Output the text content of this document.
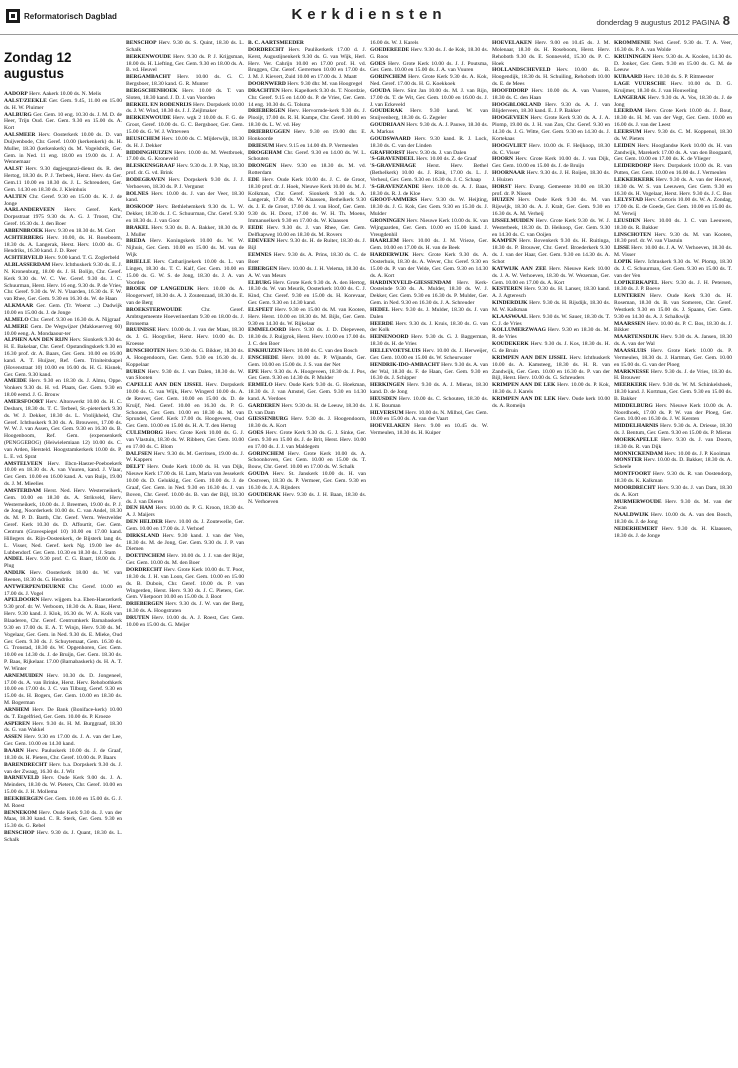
Reformatorisch Dagblad	Kerkdiensten	donderdag 9 augustus 2012 PAGINA 8
Zondag 12 augustus

AADORP Herv. Aakerk 10.00 ds. N. Melis

AALST/ZEEKLE Ger. Gem. 9.45, 11.00 en 15.00 ds. H. W. Pluimer

AALBURG Ger. Gem. 10 eng. 10.30 ds. J. M. D. de Heer, Trijn Oud. Ger. Gem. 9.30 en 15.00 ds. A. Kort

AALSMEER Herv. Oosterkerk 10.00 ds. D. van Duijvenbode, Chr. Geref. 10.00 (kerkenkerk) ds. H. Muller, 18.30 (kerkenkerk) ds. M. Vogelsbrik, Ger. Gem. in Ned. 11 eng. 18.00 en 19.00 ds. J. A. Wennemaar

AALST Herv. 9.30 dagjesganzi-dienst ds. R. den Hertog, 18.30 ds. P. J. Terbeek, Herst. Herv. da Ger. Gem.11 10.00 en 18.30 ds. J. L. Schreuders, Ger. Gem. 14.30 en 18.30 ds. J. Kleinhuis

AALTEN Chr. Geref. 9.30 en 15.00 ds. K. J. de Jonge

AARLANDERVEEN Herv. Geref. Kerk, Dorpsstraat 1975 9.30 ds. A. G. J. Troost, Chr. Geref. 16.30 ds. J. den Boer

ABBENBROEK Herv. 9.30 en 18.30 ds. M. Gort

ACHTERBERG Herv. 10.00, ds. H. Roseboom, 18.30 ds. A. Langerak, Herst. Herv. 10.00 ds. G. Hendriks, 16.30 kand. J. D. Reer

ACHTERVELD Herv. 9.00 kand. T. G. Zoglerbeld

ALBLASSERDAM Herv. Ichthuskerk 9.30 ds. E. J. N. Kronenburg, 18.00 ds. J. H. Bolijn, Chr. Geref. Kerk 9.30 ds. W. C. Ver. Geref. 9.30 ds. J. C. Schuurman, Herst. Herv. 16 eng. 9.30 ds. P. de Vries, Chr. Geref. 9.30 ds. W. N. Vlaarden, 16.30 ds. F. W. van Rhee, Ger. Gem. 9.30 en 16.30 ds. W. de Haan

ALKMAAR Ger. Gem. (Tr. Woerst ...) Dadwijk 10.00 en 15.00 ds. J. de Jonge

ALMELO Chr. Geref. 9.30 en 16.30 ds. A. Nijgraaf

ALMERE Gem. De Wegwijzer (Makkeuerveg 60) 10.00 eeng. A. Mondaaour-ter

ALPHEN AAN DEN RIJN Herv. Sionkerk 9.30 ds. H. E. Bakelaar, Chr. Geref. Opstandingskerk 9.30 en 16.30 prof. dr. A. Baars, Ger. Gem. 10.00 en 16.00 kand. A. T. Huijzer, Ref. Gem. Triniteitskapel (Hovenstraat 10) 10.00 en 16.00 ds. H. G. Kisnek, Ger. Gem. 9.30 kand.

AMEIDE Herv. 9.30 en 18.30 ds. J. Almu, Oppe. Vonkers 9.30 ds. H. vd. Plaats, Ger. Gem. 9.30 en 18.00 eemd. J. G. Brouw

AMERSFOORT Herv. Altonwerkt 10.00 ds. H. C. Desbars, 18.30 ds. T. C. Terbeel, St.-pieterkerk 9.30 ds. W. J. Dekker, 18.30 ds. L. Vrolijkheid, Chr. Geref. Ichthuskerk 9.30 ds. A. Brouwers, 17.00 ds. W. W. J. van Assen, Ger. Gem. 9.30 en 16.30 ds. B. Hoogenboom, Ref. Gem. (expensenkerk (PENGGEBOG) (Heiwielemiaan 12) 10.00 ds. C. van Arden, Hersteld. Hoogstamkerkerk 10.00 ds. P. L. E. vd. Sprat

AMSTELVEEN Herv. Ebcn-Haezer-Poeboekerk 10.00 en 18.30 ds. A. van Vuuren, kand. J. Vlaar, Ger. Gem. 10.00 en 16.00 kand. A. van Ruijs, 19.00 ds. J. M. Mieelies

AMSTERDAM Herst. Ned. Herv. Westerneikerk, Gem. 10.00 en 18.30 ds. A. Strikveld, Herv. Westerneikerk, 10.00 ds. J. Breemen, 19.00 ds. P. J. de Jong, Noorderkerk 10.00 ds. C. van Andel, 18.30 ds. M. P. D. Barth, Chr. Geref. Verm. Westvelder Geref. Kerk 10.30 ds. D. Affourtit, Ger. Gem. Centrum (Gravespiegel 10) 10.00 en 17.00 kand. Hillegers ds. Rijn-Oostenkerk, de Bijsterk lang ds. L. Visser, Ned. Geref. kerk Ng. 19.00 lee ds. Lubbendorf. Ger. Gem. 10.30 en 18.30 ds. J. Stam

ANDEL Herv. 9.30 prof. C. G. Baart, 18.00 ds. J. Plug

ANDIJK Herv. Oosterkerk 18.00 ds. W. van Reenen, 18.30 ds. G. Hendriks

ANTWERPEN/DEURNE Chr. Geref. 10.00 en 17.00 ds. J. Vogel

APELDOORN Herv. wijgem. b.a. Eben-Haezerkerk 9.30 prof. dr. W. Verboom, 18.30 ds. A. Baas, Herst. Herv. 9.30 kand. J. Klok, 16.30 ds. W. A. Kolk van Blaaderen, Chr. Geref. Centrumkerk Barnabaskerk 9.30 en 17.00 ds. E. A. T. Winjn, Herv. 9.30 ds. M. Vogelaar, Ger. Gem. in Ned. 9.30 ds. E. Mieke, Oud Ger. Gem. 9.30 ds. J. Schuytemaat, Gem. 16.30 ds. G. Tronstad, 18.30 ds. W. Opgenhoren, Ger. Gem. 10.00 en 14.30 ds. J. de Bruijn, Ger. Gem. 18.30 ds. P. Baas, Rijkelaar. 17.00 (Barnabaskerk) ds. H. A. T. W. Winter

ARNEMUIDEN Herv. 10.30 ds. D. Jongeneel, 17.00 ds. A. van Brinke, Herst. Herv. Rehobothkerk 10.00 en 17.00 ds. J. C. van Tilburg, Geref. 9.30 en 15.00 ds. H. Bogers, Ger. Gem. 10.00 en 18.30 ds. M. Bogerman

ARNHEM Herv. De Bank (Boniface-kerk) 10.00 ds. T. Engelfried, Ger. Gem. 10.00 ds. P. Kroeze

ASPEREN Herv. 9.30 ds. H. M. Burggraaf, 18.30 ds. G. van Wakkel

ASSEN Herv. 9.30 en 17.00 ds. J. A. van der Lee, Ger. Gem. 10.00 en 14.30 kand.

BAARN Herv. Pauluskerk 10.00 ds. J. de Graaf, 18.30 ds. H. Pieters, Chr. Geref. 10.00 ds. P. Baars

BARENDRECHT Herv. b.a. Dorpskerk 9.30 ds. J. van der Zwaag, 16.30 ds. J. Wit

BARNEVELD Herv. Oude Kerk 9.00 ds. J. A. Meinders, 18.30 ds. W. Pieters, Chr. Geref. 10.00 en 15.00 ds. J. H. Mollema

BEEKBERGEN Ger. Gem. 10.00 en 15.00 ds. G. J. M. Roest

BENNEKOM Herv. Oude Kerk 9.30 ds. J. van der Maas, 18.30 kand. C. R. Sterk, Ger. Gem. 9.30 en 15.30 ds. G. Rebel

BENSCHOP Herv. 9.30 ds. J. Quant, 18.30 ds. L. Schalk

BENSCHOP Herv. 9.30 ds. S. Quint, 18.30 ds. L. Schalk

BERKENWOUDE Herv. 9.30 ds. P. J. Krijgsman, 18.00 ds. H. Liefting, Ger. Gem. 9.30 en 18.00 ds. A. B. vd. Heuvel

BERGAMBACHT Herv. 10.00 ds. G. C. Bergsboer, 18.30 kand. G. R. Munter

BERGSCHENHOEK Herv. 10.00 ds. T. van Sloten, 18.30 kand. J. D. J. van Voorden

BERKEL EN RODENRIJS Herv. Dorpskerk 10.00 ds. J. W. Wind, 18.30 ds. J. J. Zeijlmaker

BERKENWOUDE Herv. wgk 2 10.00 ds. F. G. de Groot, Geref. 10.00 ds. G. C. Bergsboer, Ger. Gem. 15.00 ds. G. W. J. Witteveen

BEUSICHEM Herv. 10.00 ds. C. Mijderwijk, 18.30 ds. H. J. Dekker

BIDDINGHUIZEN Herv. 10.00 ds. M. Westbroek, 17.00 ds. G. Kroneveld

BLESKENSGRAAF Herv. 9.30 ds. J. P. Nap, 18.30 prof. dr. G. vd. Brink

BODEGRAVEN Herv. Dorpskerk 9.30 ds. J. J. Verhoeven, 18.30 ds. P. J. Vergunst

BOLNES Herv. 10.00 ds. J. van der Veer, 18.30 kand.

BOSKOOP Herv. Bethlehemkerk 9.30 ds. L. W. Dekker, 18.30 ds. J. C. Schuurman, Chr. Geref. 9.30 en 18.30 ds. J. van Goor

BRAKEL Herv. 9.30 ds. B. A. Bakker, 18.30 ds. P. J. Muller

BREDA Herv. Koningskerk 10.00 ds. W. W. Nijhuis, Ger. Gem. 10.00 en 15.00 ds. M. van de Wijk

BRIELLE Herv. Catharijnekerk 10.00 ds. L. van Lingen, 18.30 ds. T. C. Kalf, Ger. Gem. 10.00 en 15.00 ds. G. W. S. de Jong, 18.30 ds. J. A. van Voorden

BROEK OP LANGEDIJK Herv. 10.00 ds. A. Hoogerwerf, 18.30 ds. A. J. Zoutenzaad, 18.30 ds. E. van de Berg

BROEKSTERWOUDE	Chr. Geref. Ambtsgemeente Hoeverinerdam 9.30 en 18.00 ds. J. Bronsema

BRUINISSE Herv. 10.00 ds. J. van der Maas, 18.30 ds. J. G. Hoogvliet, Herst. Herv. 10.00 ds. D. Kroesse

BUNSCHOTEN Herv. 9.30 ds. G. Bikker, 18.30 ds. A. Hoogendoorn, Ger. Gem. 9.30 en 16.30 ds. J. Koppelaar

BUREN Herv. 9.30 ds. J. van Dalen, 18.30 ds. W. van Slooten

CAPELLE AAN DEN IJSSEL Herv. Dorpskerk 10.00 ds. G. van Wijk, Herv. Wingerd 10.00 ds. A. de Reuver, Ger. Gem. 10.00 en 15.00 ds. D. de Kruijf, Ned. Geref. 10.00 en 16.30 ds. P. G. Schouten, Ger. Gem. 10.00 en 18.30 ds. M. van Sprundel, Geref. Kerk 17.00 ds. Hoogeveen, Oud Ger. Gem. 10.00 en 15.00 ds. H. A. T. den Hertog

CULEMBORG Herv. Grote Kerk 10.00 ds. G. J. van Vlastuin, 18.30 ds. W. Ribbers, Ger. Gem. 10.00 en 17.00 ds. C. Blom

DALFSEN Herv. 9.30 ds. M. Gerritsen, 19.00 ds. J. W. Kappers

DELFT Herv. Oude Kerk 10.00 ds. H. van Dijk, Nieuwe Kerk 17.00 ds. H. Lam, Maria van Jessekerk 10.00 ds. D. Gelukkig, Ger. Gem. 10.00 ds. J. de Graaf, Ger. Gem. in Ned. 9.30 en 16.30 ds. J. van Boven, Chr. Geref. 10.00 ds. B. van der Bijl, 18.30 ds. J. van Dieren

DEN HAM Herv. 10.00 ds. P. G. Kroon, 18.30 ds. A. J. Maijers

DEN HELDER Herv. 10.00 ds. J. Zoutewelle, Ger. Gem. 10.00 en 17.00 ds. J. Verhoef

DIRKSLAND Herv. 9.30 kand. J. van der Ven, 18.30 ds. M. de Jong, Ger. Gem. 9.30 ds. J. P. van Diemen

DOETINCHEM Herv. 10.00 ds. J. J. van der Rijst, Ger. Gem. 10.00 ds. M. den Boer

DORDRECHT Herv. Grote Kerk 10.00 ds. T. Poot, 18.30 ds. J. H. van Loon, Ger. Gem. 10.00 en 15.00 ds. B. Dubois, Chr. Geref. 10.00 ds. P. van Wingerden, Herst. Herv. 9.30 ds. J. C. Pieters, Ger. Gem. Vlietpoort 10.00 en 15.00 ds. J. Boot

DRIEBERGEN Herv. 9.30 ds. J. W. van der Berg, 18.30 ds. A. Hoogstraten

DRUTEN Herv. 10.00 ds. A. J. Roest, Ger. Gem. 10.00 en 15.00 ds. G. Meijer

B. C. AARTSMEEDER

DORDRECHT Herv. Paulikerkerk 17.00 d. J. Kerst, Augustijnenkerk 9.30 ds. G. van Wijk, Herl. Herv. Ver. Cahrijn 10.00 en 17.00 prof. H. vd. Bruggen, Chr. Geref. Gerrertsen 10.00 en 17.00 ds. J. M. J. Kievert, Zuid 10.00 en 17.00 ds. J. Maatt

DOORNWERD Herv. 9.30 dhr. M. van Hoogregel

DRACHTEN Herv. Kapelkerk 9.30 ds. T. Noordzie, Chr. Geref. 9.15 en 14.00 ds. P. de Vries, Ger. Gem. 14 eng. 10.30 ds. G. Tolsma

DRIEBERGEN Herv. Hervormde-kerk 9.30 ds. J. Plooijt, 17.00 ds. R. H. Kampe, Chr. Geref. 10.00 en 18.30 ds. L. W. vd. Hey

DRIEBRUGGEN Herv. 9.30 en 19.00 dhr. E. Honkoorde

DRIESUM Herv. 9.15 en 14.00 dh. P. Vermeulen

DROGEHAM Chr. Geref. 9.30 en 14.00 ds. W. L. Schouten

DRONGEN Herv. 9.30 en 18.30 ds. M. vd. Rotterdam

EDE Herv. Oude Kerk 10.00 ds. J. C. de Groot, 18.30 prof. dr. J. Hoek, Nieuwe Kerk 10.00 ds. M. J. Kolkman, Chr. Geref. Sionkerk 9.30 ds. A. Langerak, 17.00 ds. W. Klaassen, Bethelkerk 9.30 ds. J. E. de Groot, 17.00 ds. J. van Hoof, Ger. Gem. 9.30 ds. H. Dorst, 17.00 ds. W. H. Th. Moens, Immanuelkerk 9.30 en 17.00 ds. W. Klaassen

EEDE Herv. 9.30 ds. J. van Rhee, Ger. Gem. Delfkapweg 10.00 en 18.30 ds. M. Rovers

EDEVEEN Herv. 9.30 ds. H. de Ruiter, 18.30 ds. J. Bijl

EEMNES Herv. 9.30 ds. A. Prins, 18.30 ds. C. de Boer

EIBERGEN Herv. 10.00 ds. J. H. Velema, 18.30 ds. A. W. van Meurs

ELBURG Herv. Grote Kerk 9.30 ds. A. den Hertog, 18.30 ds. W. van Meurik, Oosterkerk 10.00 ds. C. J. Kind, Chr. Geref. 9.30 en 15.00 ds. H. Korevaar, Ger. Gem. 9.30 en 14.30 kand.

ELSPEET Herv. 9.30 en 15.00 ds. M. van Kooten, Herv. Herst. 10.00 en 18.30 ds. M. Bijls, Ger. Gem. 9.30 en 14.30 ds. W. Rijkelaar

EMMELOORD Herv. 9.30 ds. J. D. Diepeveen, 18.30 ds. J. Ruijgrok, Herst. Herv. 10.00 en 17.00 ds. J. C. den Boer

ENKHUIZEN Herv. 10.00 ds. C. van den Bosch

ENSCHEDE Herv. 10.00 ds. P. Wijnands, Ger. Gem. 10.00 en 15.00 ds. J. S. van der Net

EPE Herv. 9.30 ds. A. Hoogeveen, 18.30 ds. J. Pos, Ger. Gem. 9.30 en 14.30 ds. P. Mulder

ERMELO Herv. Oude Kerk 9.30 ds. G. Hoekman, 18.30 ds. J. van Amstel, Ger. Gem. 9.30 en 14.30 kand. A. Verdoes

GARDEREN Herv. 9.30 ds. H. de Leeuw, 18.30 ds. D. van Dam

GIESSENBURG Herv. 9.30 ds. J. Hoogendoorn, 18.30 ds. A. Kort

GOES Herv. Grote Kerk 9.30 ds. G. J. Sinke, Ger. Gem. 9.30 en 15.00 ds. J. de Brit, Herst. Herv. 10.00 en 17.00 ds. J. J. van Maldegem

GORINCHEM Herv. Grote Kerk 10.00 ds. A. Schoonhoven, Ger. Gem. 10.00 en 15.00 ds. T. Bouw, Chr. Geref. 10.00 en 17.00 ds. W. Schalk

GOUDA Herv. St. Janskerk 10.00 ds. H. van Oostveen, 18.30 ds. P. Vermeer, Ger. Gem. 9.30 en 16.30 ds. J. A. Rijnders

GOUDERAK Herv. 9.30 ds. J. H. Baan, 18.30 ds. N. Verhoeven

16.00 ds. W. J. Karels

GOEDEREEDE Herv. 9.30 ds. J. de Kok, 18.30 ds. G. Roos

GOES Herv. Grote Kerk 10.00 ds. J. J. Poutsma, Ger. Gem. 10.00 en 15.00 ds. J. A. van Vuuren

GORINCHEM Herv. Grote Kerk 9.30 ds. A. Kok, Ned. Geref. 17.00 ds. H. G. Koekkoek

GOUDA Herv. Sint Jan 10.00 ds. M. J. van Rijn, 17.00 ds. T. de Wit, Ger. Gem. 10.00 en 16.00 ds. J. J. van Eckeveld

GOUDERAK Herv. 9.30 kand. W. van Stuijvenberg, 18.30 ds. G. Zegeler

GOUDRIAAN Herv. 9.30 ds. A. J. Pauwe, 18.30 ds. A. Markus

GOUDSWAARD Herv. 9.30 kand. R. J. Lock, 18.30 ds. C. van der Linden

GRAFHORST Herv. 9.30 ds. J. van Dalen

'S-GRAVENDEEL Herv. 10.00 ds. Z. de Graaf

'S-GRAVENHAGE Herst. Herv. Bethel (Bethelkerk) 10.00 ds. J. Rink, 17.00 ds. L. J. Verheul, Ger. Gem. 9.30 en 16.30 ds. J. C. Schaap

'S-GRAVENZANDE Herv. 10.00 ds. A. J. Baas, 18.30 ds. R. J. de Kloe

GROOT-AMMERS Herv. 9.30 ds. W. Heijting, 18.30 ds. J. G. Kok, Ger. Gem. 9.30 en 15.30 ds. J. Mulder

GRONINGEN Herv. Nieuwe Kerk 10.00 ds. K. van Wijngaarden, Ger. Gem. 10.00 en 15.00 kand. J. Vreugdenhil

HAARLEM Herv. 10.00 ds. J. M. Vrieze, Ger. Gem. 10.00 en 17.00 ds. H. van de Beek

HARDERWIJK Herv. Grote Kerk 9.30 ds. A. Oosterhuis, 18.30 ds. A. Wever, Chr. Geref. 9.30 en 15.00 ds. P. van der Velde, Ger. Gem. 9.30 en 14.30 ds. A. Kort

HARDINXVELD-GIESSENDAM Herv. Kerk-Oosteinde 9.30 ds. A. Mulder, 18.30 ds. W. J. Dekker, Ger. Gem. 9.30 en 16.30 ds. P. Mulder, Ger. Gem. in Ned. 9.30 en 16.30 ds. J. A. Schreuder

HEDEL Herv. 9.30 ds. J. Mulder, 18.30 ds. J. van Dalen

HEERDE Herv. 9.30 ds. J. Kruis, 18.30 ds. G. van der Kolk

HEINENOORD Herv. 9.30 ds. G. J. Baggerman, 18.30 ds. H. de Vries

HELLEVOETSLUIS Herv. 10.00 ds. J. Herweijer, Ger. Gem. 10.00 en 15.00 ds. W. Scheurwater

HENDRIK-IDO-AMBACHT Herv. 9.30 ds. A. van der Wal, 18.30 ds. F. de Haan, Ger. Gem. 9.30 en 16.30 ds. J. Schipper

HERKINGEN Herv. 9.30 ds. A. J. Mieras, 18.30 kand. D. de Jong

HEUSDEN Herv. 10.00 ds. C. Schouten, 18.30 ds. J. K. Bouman

HILVERSUM Herv. 10.00 ds. N. Milhol, Ger. Gem. 10.00 en 15.00 ds. A. van der Vaart

HOEVELAKEN Herv. 9.00 en 10.45 ds. W. Vermeulen, 18.30 ds. H. Kuiper

HOEVELAKEN Herv. 9.00 en 10.45 ds. J. M. Molenaar, 18.30 ds. H. Roseboom, Herst. Herv. Rehoboth 9.30 ds. E. Sonneveld, 15.30 ds. P. C. Hoek

HOLLANDSCHEVELD Herv. 10.00 ds. B. Hoogendijk, 18.30 ds. H. Schuiling, Rehoboth 10.00 ds. E. de Mees

HOOFDDORP Herv. 10.00 ds. A. van Vuuren, 18.30 ds. C. den Haan

HOOGBLOKLAND Herv. 9.30 ds. A. J. van Blijderveen, 18.30 kand. E. J. P. Bakker

HOOGEVEEN Herv. Grote Kerk 9.30 ds. A. J. A. Plomp, 19.00 ds. J. H. van Zon, Chr. Geref. 9.30 en 14.30 ds. J. G. Witte, Ger. Gem. 9.30 en 14.30 ds. J. Kortekaas

HOOGVLIET Herv. 10.00 ds. F. Heijkoop, 18.30 ds. C. Visser

HOORN Herv. Grote Kerk 10.00 ds. J. van Dijk, Ger. Gem. 10.00 en 15.00 ds. J. de Bruijn

HOORNAAR Herv. 9.30 ds. J. H. Roijen, 18.30 ds. J. Huizen

HORST Herv. Evang. Gemeente 10.00 en 18.30 prof. dr. P. Nissen

HUIZEN Herv. Oude Kerk 9.30 ds. M. van Rijswijk, 18.30 ds. A. J. Kralt, Ger. Gem. 9.30 en 16.30 ds. A. M. Verheij

IJSSELMUIDEN Herv. Grote Kerk 9.30 ds. W. J. Westerbeek, 18.30 ds. D. Heikoop, Ger. Gem. 9.30 en 14.30 ds. C. van Ooijen

KAMPEN Herv. Bovenkerk 9.30 ds. H. Ruitinga, 18.30 ds. P. Brouwer, Chr. Geref. Broederkerk 9.30 ds. J. van der Haar, Ger. Gem. 9.30 en 14.30 ds. A. Schot

KATWIJK AAN ZEE Herv. Nieuwe Kerk 10.00 ds. J. A. W. Verhoeven, 18.30 ds. W. Wezeman, Ger. Gem. 10.00 en 17.00 ds. A. Kort

KESTEREN Herv. 9.30 ds. H. Lanser, 18.30 kand. A. J. Agteresch

KINDERDIJK Herv. 9.30 ds. H. Rijsdijk, 18.30 ds. M. W. Kalkman

KLAASWAAL Herv. 9.30 ds. W. Sauer, 18.30 ds. T. C. J. de Vries

KOLLUMERZWAAG Herv. 9.30 en 18.30 ds. M. R. de Vries

KOUDEKERK Herv. 9.30 ds. J. Kos, 18.30 ds. H. G. de Bruin

KRIMPEN AAN DEN IJSSEL Herv. Ichthuskerk 10.00 ds. A. Kamsteeg, 18.30 ds. H. R. van Zandwijk, Ger. Gem. 10.00 en 16.30 ds. P. van der Bijl, Herst. Herv. 10.00 ds. G. Schreuders

KRIMPEN AAN DE LEK Herv. 10.00 ds. P. Kok, 18.30 ds. J. Karels

KRIMPEN AAN DE LEK Herv. Oude kerk 10.00 ds. A. Romeijn

KROMMENIE Ned. Geref. 9.30 ds. T. A. Veer, 16.30 ds. P. A. van Wolde

KRUININGEN Herv. 9.30 ds. A. Koolen, 14.30 ds. D. Jonker, Ger. Gem. 9.30 en 15.00 ds. G. M. de Leeuw

KUBAARD Herv. 10.30 ds. S. P. Ritmeester

LAGE VUURSCHE Herv. 10.00 ds. D. G. Kruijmer, 18.30 ds. J. van Houweling

LANGERAK Herv. 9.30 ds. A. Vos, 18.30 ds. J. de Jong

LEERDAM Herv. Grote Kerk 10.00 ds. J. Bout, 18.30 ds. H. M. van der Vegt, Ger. Gem. 10.00 en 16.00 ds. J. van der Leest

LEERSUM Herv. 9.30 ds. C. M. Koppenol, 18.30 ds. W. Pieters

LEIDEN Herv. Hooglandse Kerk 10.00 ds. H. van Zandwijk, Marekerk 17.00 ds. A. van den Boogaard, Ger. Gem. 10.00 en 17.00 ds. K. de Vlieger

LEIDERDORP Herv. Dorpskerk 10.00 ds. R. van Putten, Ger. Gem. 10.00 en 16.00 ds. J. Vermeulen

LEKKERKERK Herv. 9.30 ds. A. van der Heuvel, 18.30 ds. W. S. van Leeuwen, Ger. Gem. 9.30 en 16.30 ds. H. Vogelaar, Herst. Herv. 9.30 ds. J. C. Bos

LELYSTAD Herv. Cortoris 10.00 ds. W. A. Zondag, 17.00 ds. E. de Goede, Ger. Gem. 10.00 en 15.00 ds. M. Verwij

LEUSDEN Herv. 10.00 ds. J. C. van Leeuwen, 18.30 ds. R. Bakker

LINSCHOTEN Herv. 9.30 ds. M. van Kooten, 18.30 prof. dr. W. van Vlastuin

LISSE Herv. 10.00 ds. J. A. W. Verhoeven, 18.30 ds. M. Visser

LOPIK Herv. Ichtuskerk 9.30 ds. W. Plomp, 18.30 ds. J. C. Schuurman, Ger. Gem. 9.30 en 15.00 ds. T. van der Ven

LOPIKERKAPEL Herv. 9.30 ds. J. H. Petersen, 18.30 ds. J. P. Boeve

LUNTEREN Herv. Oude Kerk 9.30 ds. H. Roseman, 18.30 ds. B. van Someren, Chr. Geref. Westkerk 9.30 en 15.00 ds. J. Spaans, Ger. Gem. 9.30 en 14.30 ds. A. J. Schalkwijk

MAARSSEN Herv. 10.00 ds. P. C. Bos, 18.30 ds. J. Bikker

MAARTENSDIJK Herv. 9.30 ds. A. Jansen, 18.30 ds. A. van der Wal

MAASSLUIS Herv. Grote Kerk 10.00 ds. P. Vermeulen, 18.30 ds. J. Hartman, Ger. Gem. 10.00 en 15.00 ds. G. van der Ploeg

MARKNESSE Herv. 9.30 ds. J. de Vries, 18.30 ds. H. Brouwer

MEERKERK Herv. 9.30 ds. W. M. Schinkelshoek, 18.30 kand. J. Kortman, Ger. Gem. 9.30 en 15.00 ds. B. Bakker

MIDDELBURG Herv. Nieuwe Kerk 10.00 ds. A. Noordhoek, 17.00 ds. P. W. van der Ploeg, Ger. Gem. 10.00 en 16.30 ds. J. W. Kersten

MIDDELHARNIS Herv. 9.30 ds. A. Driesse, 18.30 ds. J. Bentum, Ger. Gem. 9.30 en 15.00 ds. P. Mieras

MOERKAPELLE Herv. 9.30 ds. J. van Doorn, 18.30 ds. R. van Dijk

MONNICKENDAM Herv. 10.00 ds. J. P. Kooiman

MONSTER Herv. 10.00 ds. D. Bakker, 18.30 ds. A. Scheele

MONTFOORT Herv. 9.30 ds. R. van Oostendorp, 18.30 ds. K. Kalkman

MOORDRECHT Herv. 9.30 ds. J. van Dam, 18.30 ds. A. Kort

MURMERWOUDE Herv. 9.30 ds. M. van der Zwan

NAALDWIJK Herv. 10.00 ds. A. van den Bosch, 18.30 ds. J. de Jong

NEDERHEMERT Herv. 9.30 ds. H. Klaassen, 18.30 ds. J. de Jonge
